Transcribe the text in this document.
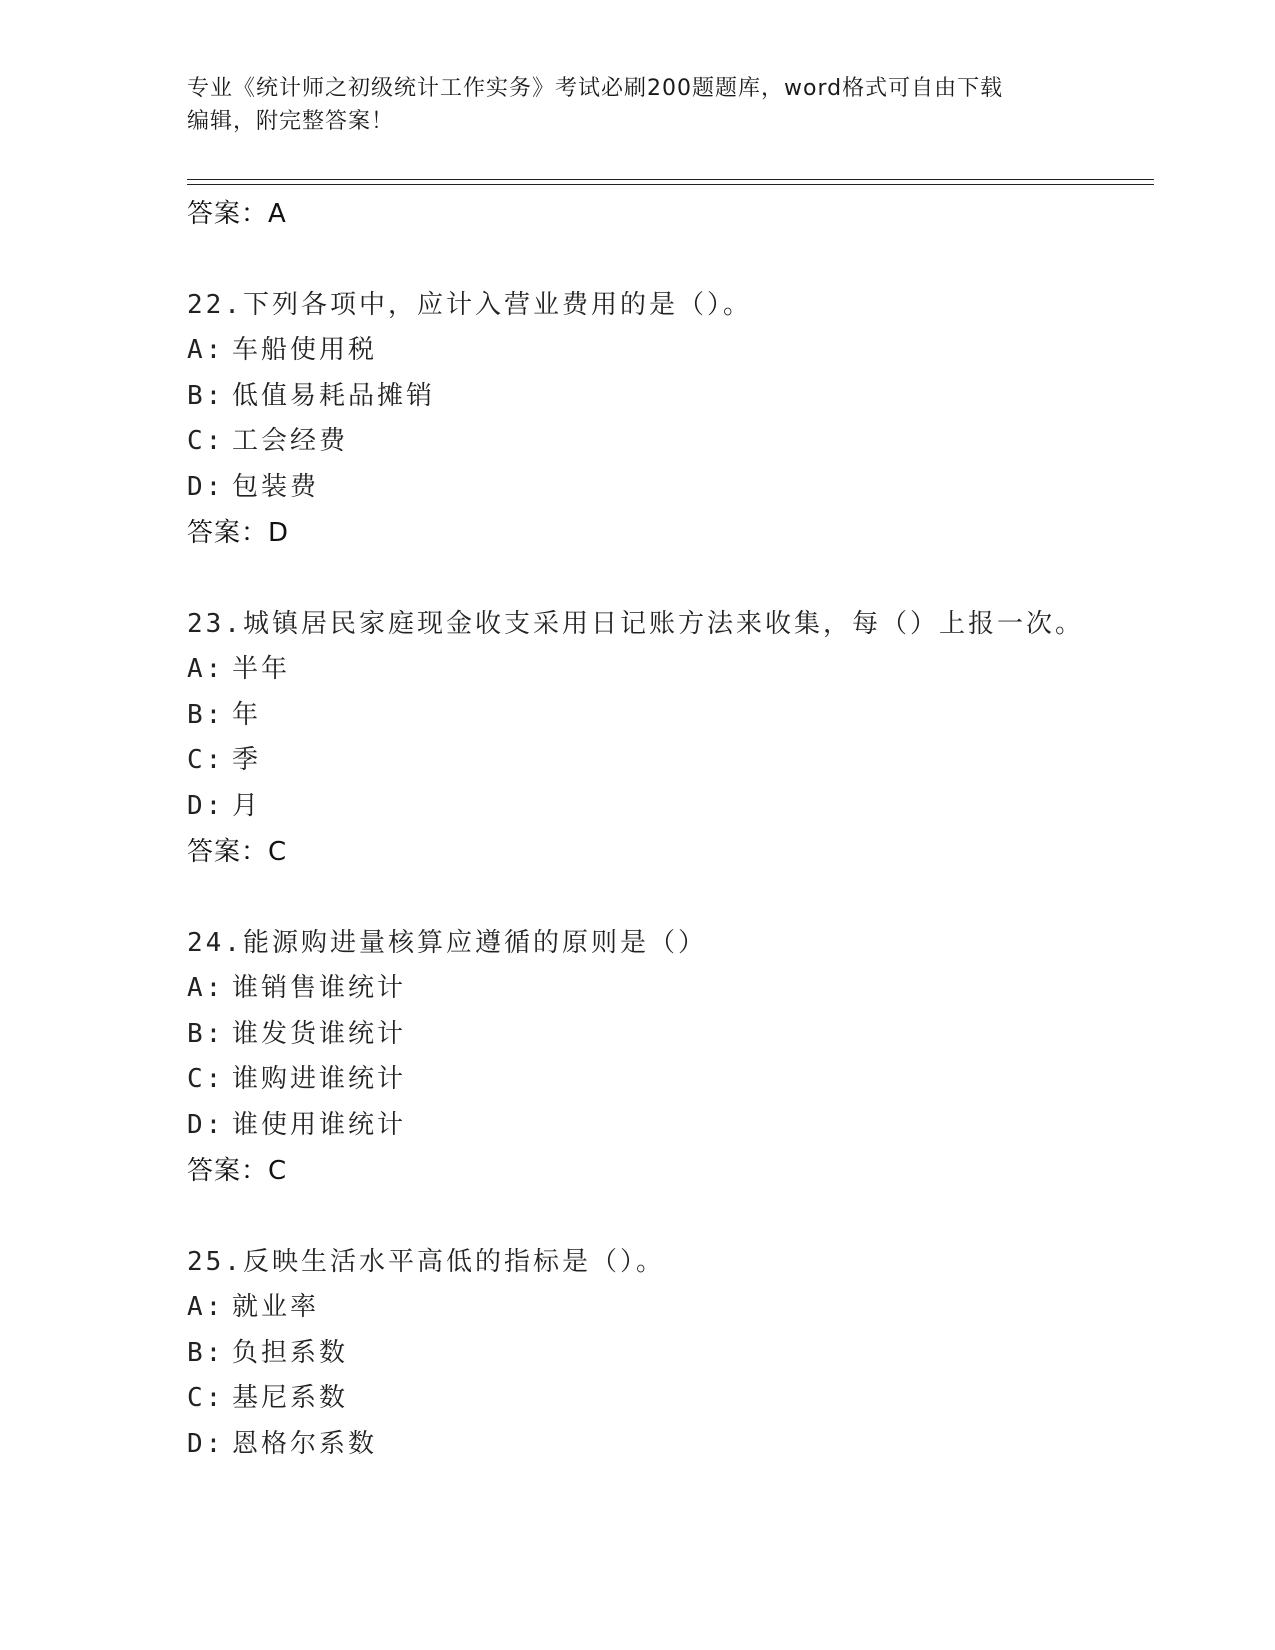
专业《统计师之初级统计工作实务》考试必刷200题题库，word格式可自由下载
编辑，附完整答案！
答案：A
22.下列各项中，应计入营业费用的是（）。
A: 车船使用税
B: 低值易耗品摊销
C: 工会经费
D: 包装费
答案：D
23.城镇居民家庭现金收支采用日记账方法来收集，每（）上报一次。
A: 半年
B: 年
C: 季
D: 月
答案：C
24.能源购进量核算应遵循的原则是（）
A: 谁销售谁统计
B: 谁发货谁统计
C: 谁购进谁统计
D: 谁使用谁统计
答案：C
25.反映生活水平高低的指标是（）。
A: 就业率
B: 负担系数
C: 基尼系数
D: 恩格尔系数
